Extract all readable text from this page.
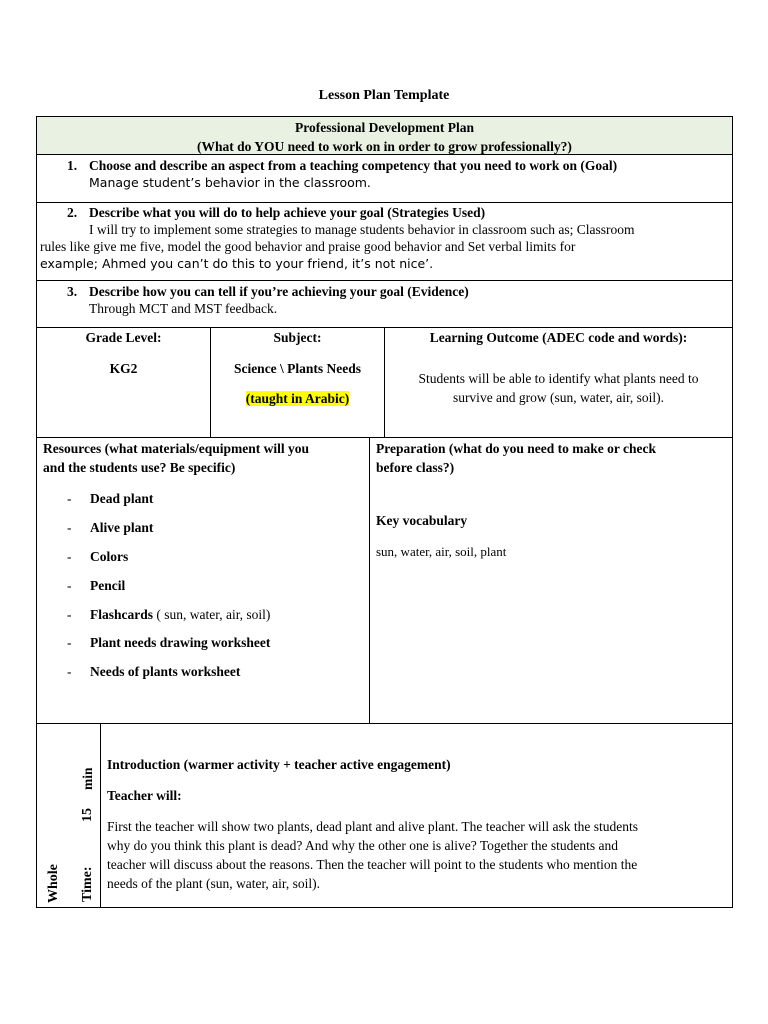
Lesson Plan Template
Professional Development Plan
(What do YOU need to work on in order to grow professionally?)
1. Choose and describe an aspect from a teaching competency that you need to work on (Goal)
Manage student’s behavior in the classroom.
2. Describe what you will do to help achieve your goal (Strategies Used)
I will try to implement some strategies to manage students behavior in classroom such as; Classroom
rules like give me five, model the good behavior and praise good behavior and Set verbal limits for
example; Ahmed you can’t do this to your friend, it’s not nice’.
3. Describe how you can tell if you’re achieving your goal (Evidence)
Through MCT and MST feedback.
Grade Level:
KG2
Subject:
Science \ Plants Needs
(taught in Arabic)
Learning Outcome (ADEC code and words):
Students will be able to identify what plants need to
survive and grow (sun, water, air, soil).
Resources (what materials/equipment will you
and the students use? Be specific)
- Dead plant
- Alive plant
- Colors
- Pencil
- Flashcards ( sun, water, air, soil)
- Plant needs drawing worksheet
- Needs of plants worksheet
Preparation (what do you need to make or check
before class?)
Key vocabulary
sun, water, air, soil, plant
Whole Time:
15
min
Introduction (warmer activity + teacher active engagement)
Teacher will:
First the teacher will show two plants, dead plant and alive plant. The teacher will ask the students
why do you think this plant is dead? And why the other one is alive? Together the students and
teacher will discuss about the reasons. Then the teacher will point to the students who mention the
needs of the plant (sun, water, air, soil).
